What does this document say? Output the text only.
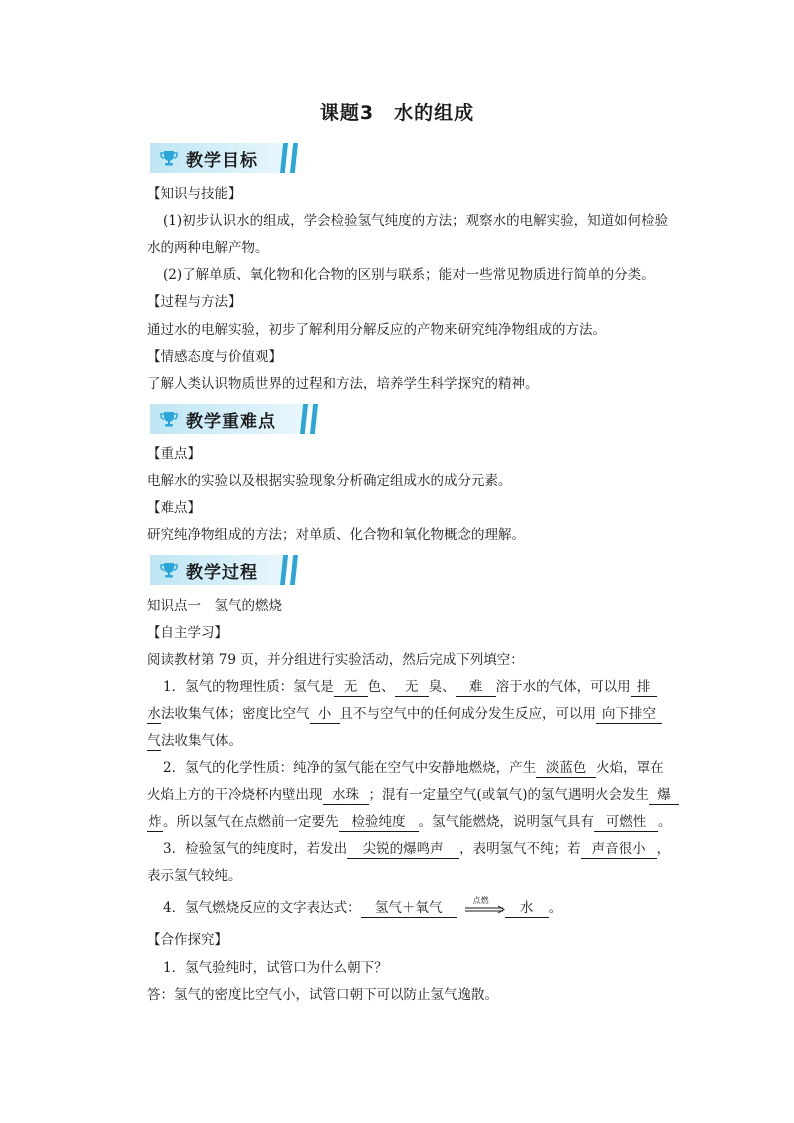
课题3　水的组成
教学目标
【知识与技能】
(1)初步认识水的组成，学会检验氢气纯度的方法；观察水的电解实验，知道如何检验
水的两种电解产物。
(2)了解单质、氧化物和化合物的区别与联系；能对一些常见物质进行简单的分类。
【过程与方法】
通过水的电解实验，初步了解利用分解反应的产物来研究纯净物组成的方法。
【情感态度与价值观】
了解人类认识物质世界的过程和方法，培养学生科学探究的精神。
教学重难点
【重点】
电解水的实验以及根据实验现象分析确定组成水的成分元素。
【难点】
研究纯净物组成的方法；对单质、化合物和氧化物概念的理解。
教学过程
知识点一　氢气的燃烧
【自主学习】
阅读教材第 79 页，并分组进行实验活动，然后完成下列填空：
1．氢气的物理性质：氢气是 无 色、 无 臭、 难 溶于水的气体，可以用 排
水法收集气体；密度比空气 小 且不与空气中的任何成分发生反应，可以用 向下排空
气法收集气体。
2．氢气的化学性质：纯净的氢气能在空气中安静地燃烧，产生 淡蓝色 火焰，罩在
火焰上方的干冷烧杯内壁出现 水珠 ；混有一定量空气(或氧气)的氢气遇明火会发生 爆
炸。所以氢气在点燃前一定要先 检验纯度 。氢气能燃烧，说明氢气具有 可燃性 。
3．检验氢气的纯度时，若发出 尖锐的爆鸣声 ，表明氢气不纯；若 声音很小 ，
表示氢气较纯。
4．氢气燃烧反应的文字表达式： 氢气＋氧气	点燃 水 。
【合作探究】
1．氢气验纯时，试管口为什么朝下？
答：氢气的密度比空气小，试管口朝下可以防止氢气逸散。
